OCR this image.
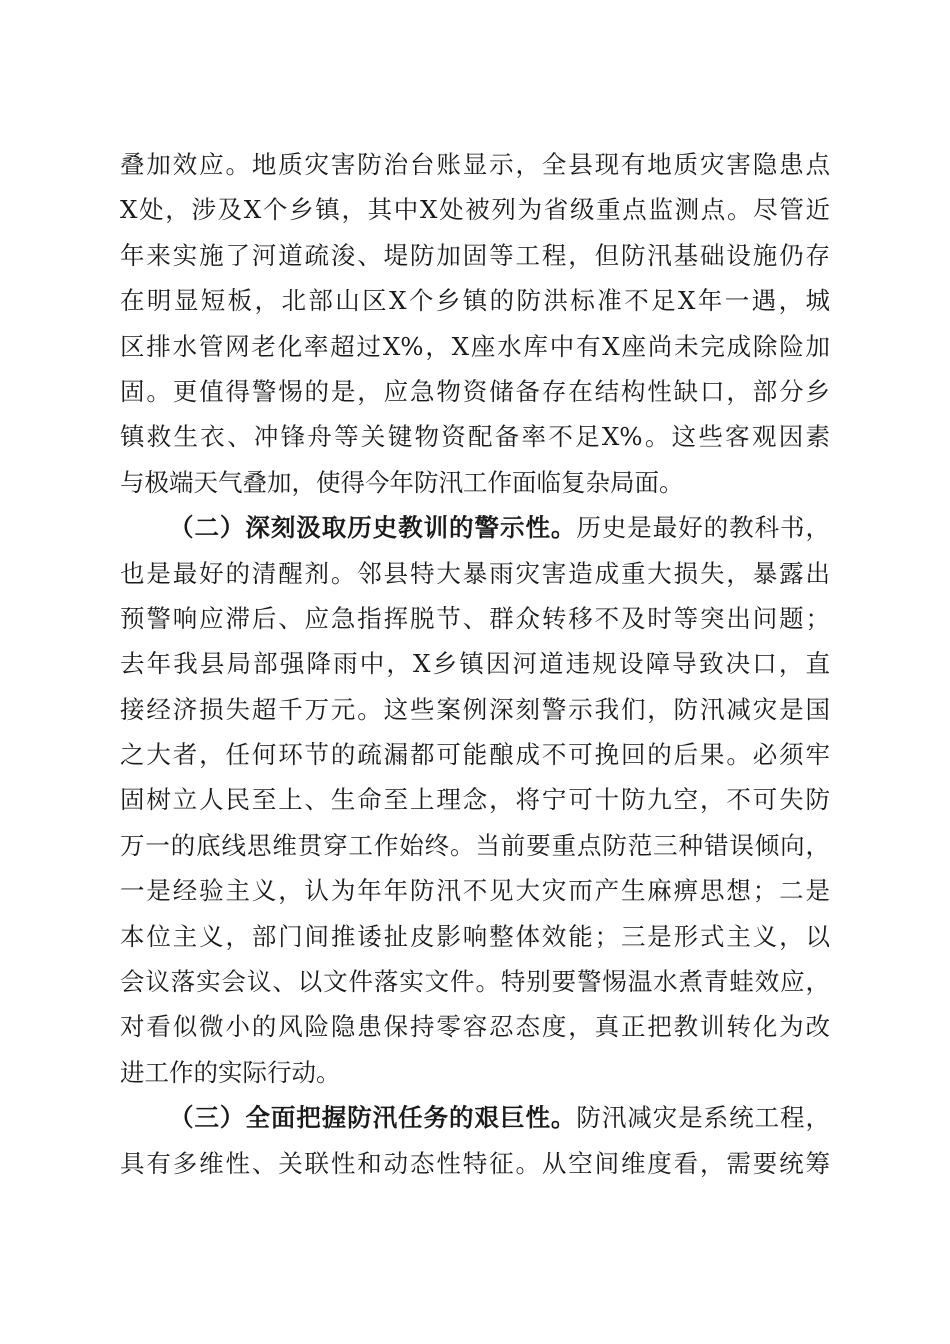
叠加效应。地质灾害防治台账显示，全县现有地质灾害隐患点
X处，涉及X个乡镇，其中X处被列为省级重点监测点。尽管近
年来实施了河道疏浚、堤防加固等工程，但防汛基础设施仍存
在明显短板，北部山区X个乡镇的防洪标准不足X年一遇，城
区排水管网老化率超过X%，X座水库中有X座尚未完成除险加
固。更值得警惕的是，应急物资储备存在结构性缺口，部分乡
镇救生衣、冲锋舟等关键物资配备率不足X%。这些客观因素
与极端天气叠加，使得今年防汛工作面临复杂局面。
（二）深刻汲取历史教训的警示性。历史是最好的教科书，
也是最好的清醒剂。邻县特大暴雨灾害造成重大损失，暴露出
预警响应滞后、应急指挥脱节、群众转移不及时等突出问题；
去年我县局部强降雨中，X乡镇因河道违规设障导致决口，直
接经济损失超千万元。这些案例深刻警示我们，防汛减灾是国
之大者，任何环节的疏漏都可能酿成不可挽回的后果。必须牢
固树立人民至上、生命至上理念，将宁可十防九空，不可失防
万一的底线思维贯穿工作始终。当前要重点防范三种错误倾向，
一是经验主义，认为年年防汛不见大灾而产生麻痹思想；二是
本位主义，部门间推诿扯皮影响整体效能；三是形式主义，以
会议落实会议、以文件落实文件。特别要警惕温水煮青蛙效应，
对看似微小的风险隐患保持零容忍态度，真正把教训转化为改
进工作的实际行动。
（三）全面把握防汛任务的艰巨性。防汛减灾是系统工程，
具有多维性、关联性和动态性特征。从空间维度看，需要统筹
